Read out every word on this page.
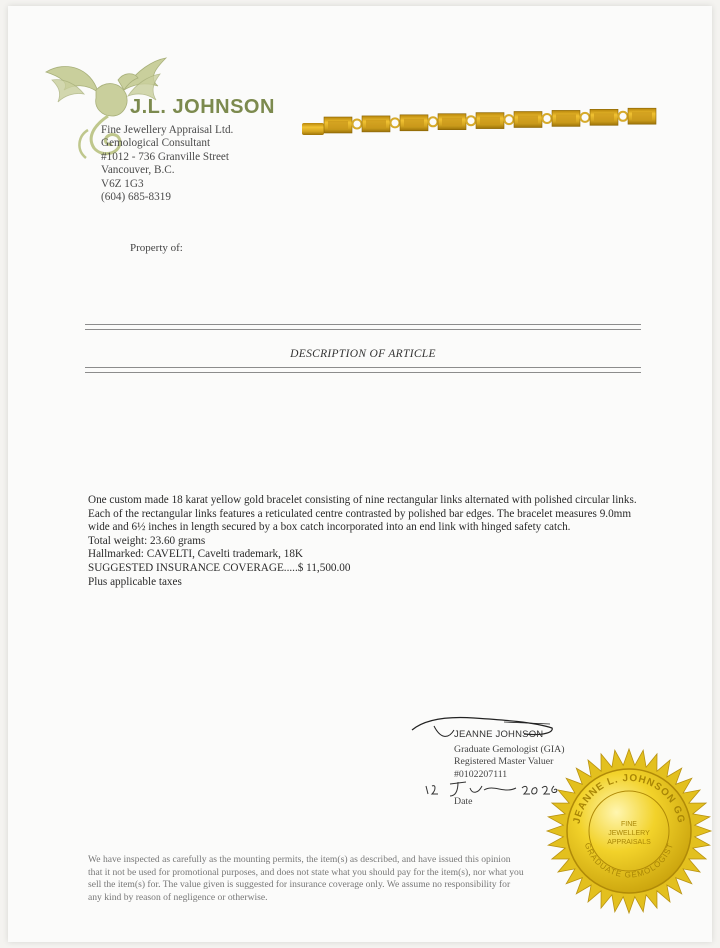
J.L. JOHNSON
Fine Jewellery Appraisal Ltd.
Gemological Consultant
#1012 - 736 Granville Street
Vancouver, B.C.
V6Z 1G3
(604) 685-8319
Property of:
DESCRIPTION OF ARTICLE

One custom made 18 karat yellow gold bracelet consisting of nine rectangular links alternated with polished circular links. Each of the rectangular links features a reticulated centre contrasted by polished bar edges. The bracelet measures 9.0mm wide and 6½ inches in length secured by a box catch incorporated into an end link with hinged safety catch.

Total weight: 23.60 grams

Hallmarked: CAVELTI, Cavelti trademark, 18K

SUGGESTED INSURANCE COVERAGE.....$ 11,500.00

Plus applicable taxes

JEANNE JOHNSON
Graduate Gemologist (GIA)
Registered Master Valuer
#0102207111
Date
We have inspected as carefully as the mounting permits, the item(s) as described, and have issued this opinion
that it not be used for promotional purposes, and does not state what you should pay for the item(s), nor what you
sell the item(s) for. The value given is suggested for insurance coverage only. We assume no responsibility for
any kind by reason of negligence or otherwise.
JEANNE L. JOHNSON GG
GRADUATE GEMOLOGIST
FINE
JEWELLERY
APPRAISALS
